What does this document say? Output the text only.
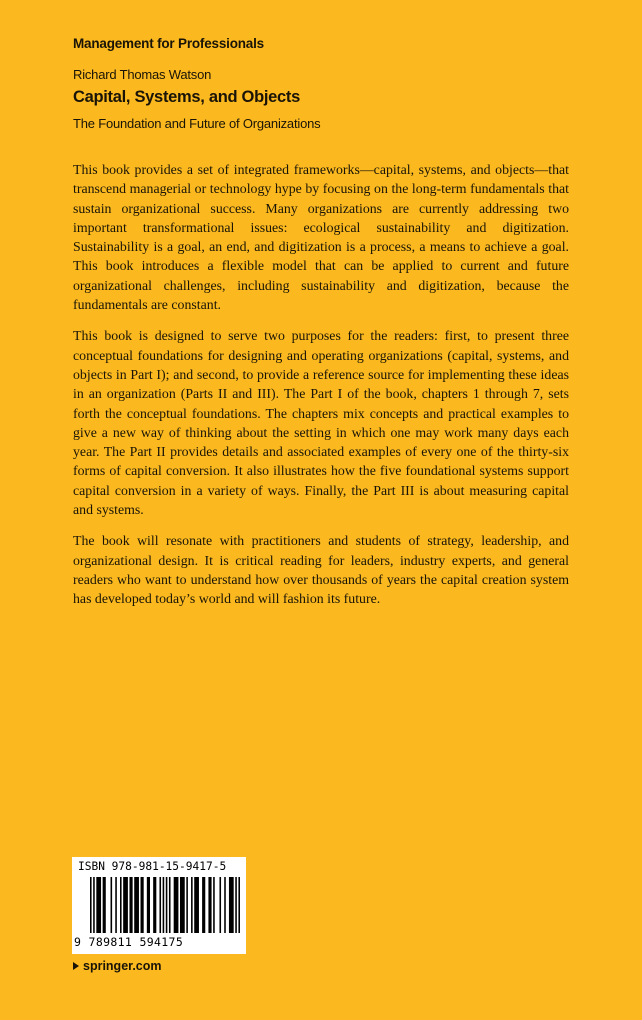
Management for Professionals
Richard Thomas Watson
Capital, Systems, and Objects
The Foundation and Future of Organizations

This book provides a set of integrated frameworks—capital, systems, and objects—that transcend managerial or technology hype by focusing on the long-term fundamentals that sustain organizational success. Many organizations are currently addressing two important transformational issues: ecological sustainability and digitization. Sustainability is a goal, an end, and digitization is a process, a means to achieve a goal. This book introduces a flexible model that can be applied to current and future organizational challenges, including sustainability and digitization, because the fundamentals are constant.

This book is designed to serve two purposes for the readers: first, to present three conceptual foundations for designing and operating organizations (capital, systems, and objects in Part I); and second, to provide a reference source for implementing these ideas in an organization (Parts II and III). The Part I of the book, chapters 1 through 7, sets forth the conceptual foundations. The chapters mix concepts and practical examples to give a new way of thinking about the setting in which one may work many days each year. The Part II provides details and associated examples of every one of the thirty-six forms of capital conversion. It also illustrates how the five foundational systems support capital conversion in a variety of ways. Finally, the Part III is about measuring capital and systems.

The book will resonate with practitioners and students of strategy, leadership, and organizational design. It is critical reading for leaders, industry experts, and general readers who want to understand how over thousands of years the capital creation system has developed today’s world and will fashion its future.

ISBN 978-981-15-9417-5
9 789811 594175
springer.com
